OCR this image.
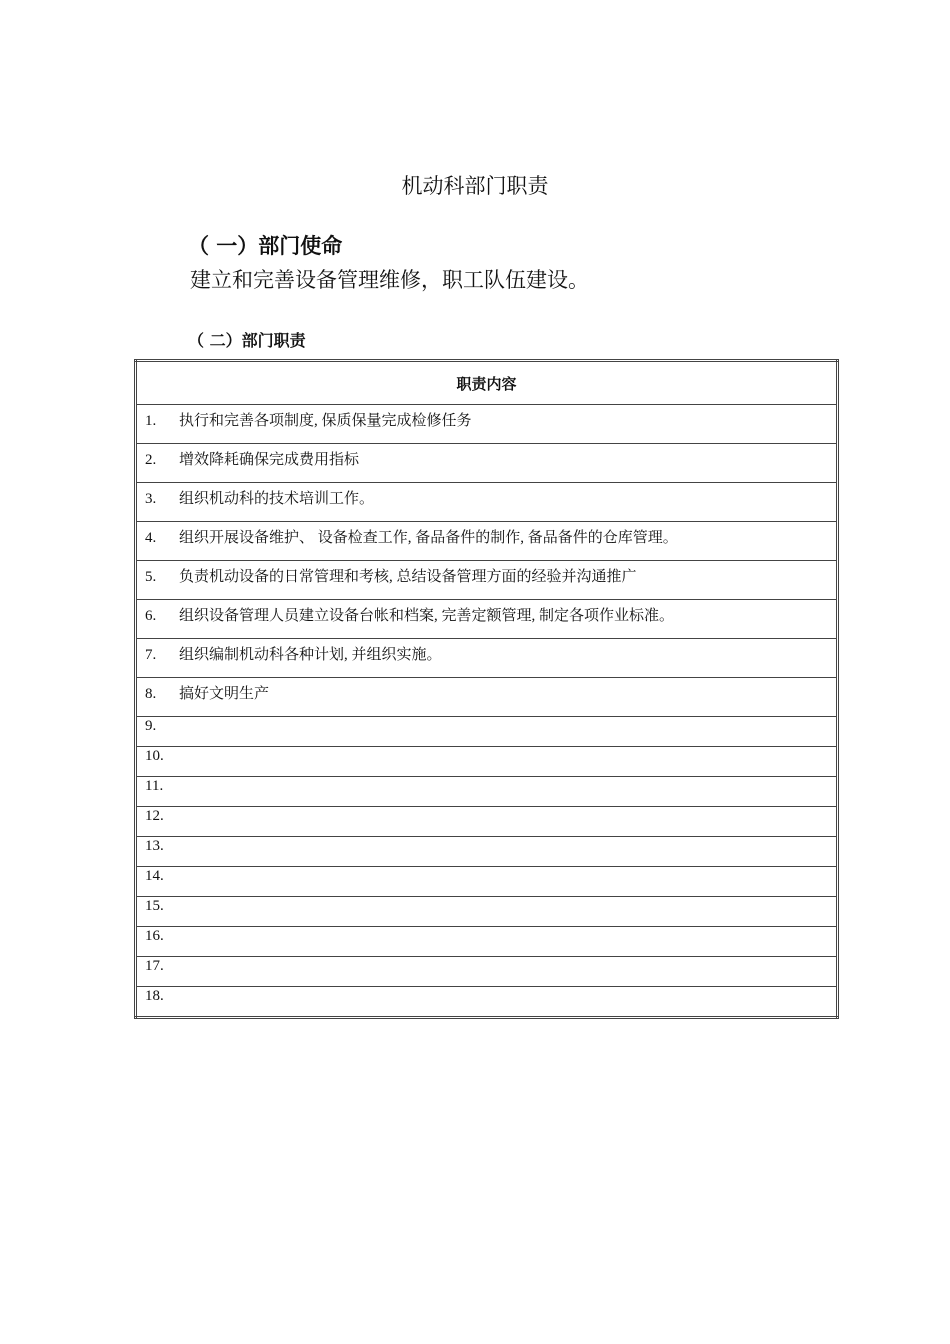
机动科部门职责
（ 一）部门使命
建立和完善设备管理维修，职工队伍建设。
（ 二）部门职责
职责内容
1. 执行和完善各项制度, 保质保量完成检修任务
2. 增效降耗确保完成费用指标
3. 组织机动科的技术培训工作。
4. 组织开展设备维护、 设备检查工作, 备品备件的制作, 备品备件的仓库管理。
5. 负责机动设备的日常管理和考核, 总结设备管理方面的经验并沟通推广
6. 组织设备管理人员建立设备台帐和档案, 完善定额管理, 制定各项作业标准。
7. 组织编制机动科各种计划, 并组织实施。
8. 搞好文明生产
9.
10.
11.
12.
13.
14.
15.
16.
17.
18.
